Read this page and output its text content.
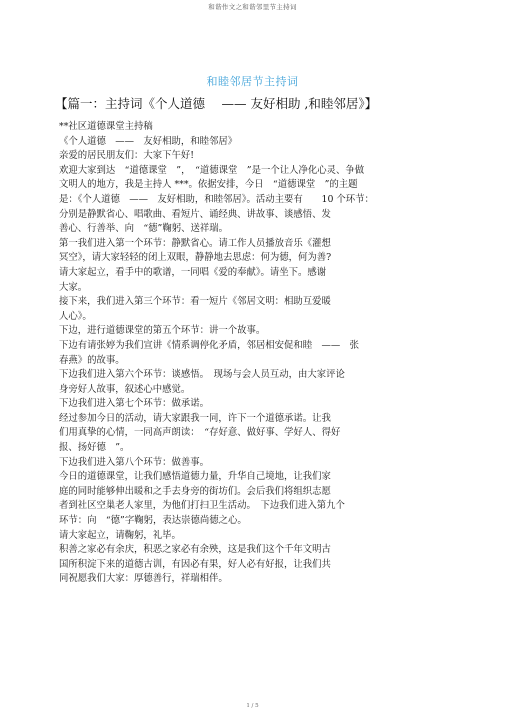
和谐作文之和谐邻里节主持词
和睦邻居节主持词
【篇一：主持词《个人道德　 —— 友好相助 ,和睦邻居》】
**社区道德课堂主持稿
《个人道德　——　友好相助，和睦邻居》
亲爱的居民朋友们：大家下午好!
欢迎大家到达　“道德课堂　”，　“道德课堂　”是一个让人净化心灵、争做
文明人的地方，我是主持人 ***。依据安排，今日　“道德课堂　”的主题
是：《个人道德　——　友好相助，和睦邻居》。活动主要有　　10 个环节：
分别是静默省心、唱歌曲、看短片、诵经典、讲故事、谈感悟、发
善心、行善举、向　“德”鞠躬、送祥瑞。
第一我们进入第一个环节：静默省心。请工作人员播放音乐《灌想
冥空》，请大家轻轻的闭上双眼，静静地去思虑：何为德，何为善?
请大家起立，看手中的歌谱，一同唱《爱的奉献》。请坐下。感谢
大家。
接下来，我们进入第三个环节：看一短片《邻居文明：相助互爱暖
人心》。
下边，进行道德课堂的第五个环节：讲一个故事。
下边有请张婷为我们宣讲《情系调停化矛盾，邻居相安促和睦　——　张
春燕》的故事。
下边我们进入第六个环节：谈感悟。　现场与会人员互动，由大家评论
身旁好人故事，叙述心中感觉。
下边我们进入第七个环节：做承诺。
经过参加今日的活动，请大家跟我一同，许下一个道德承诺。让我
们用真挚的心情，一同高声朗读：　“存好意、做好事、学好人、得好
报、扬好德　”。
下边我们进入第八个环节：做善事。
今日的道德课堂，让我们感悟道德力量，升华自己境地，让我们家
庭的同时能够伸出暖和之手去身旁的街坊们。会后我们将组织志愿
者到社区空巢老人家里，为他们打扫卫生活动。　下边我们进入第九个
环节：向　“德”字鞠躬，表达崇德尚德之心。
请大家起立，请鞠躬，礼毕。
积善之家必有余庆，积恶之家必有余殃，这是我们这个千年文明古
国所积淀下来的道德古训，有因必有果，好人必有好报，让我们共
同祝愿我们大家：厚德善行，祥瑞相伴。
1 / 5
